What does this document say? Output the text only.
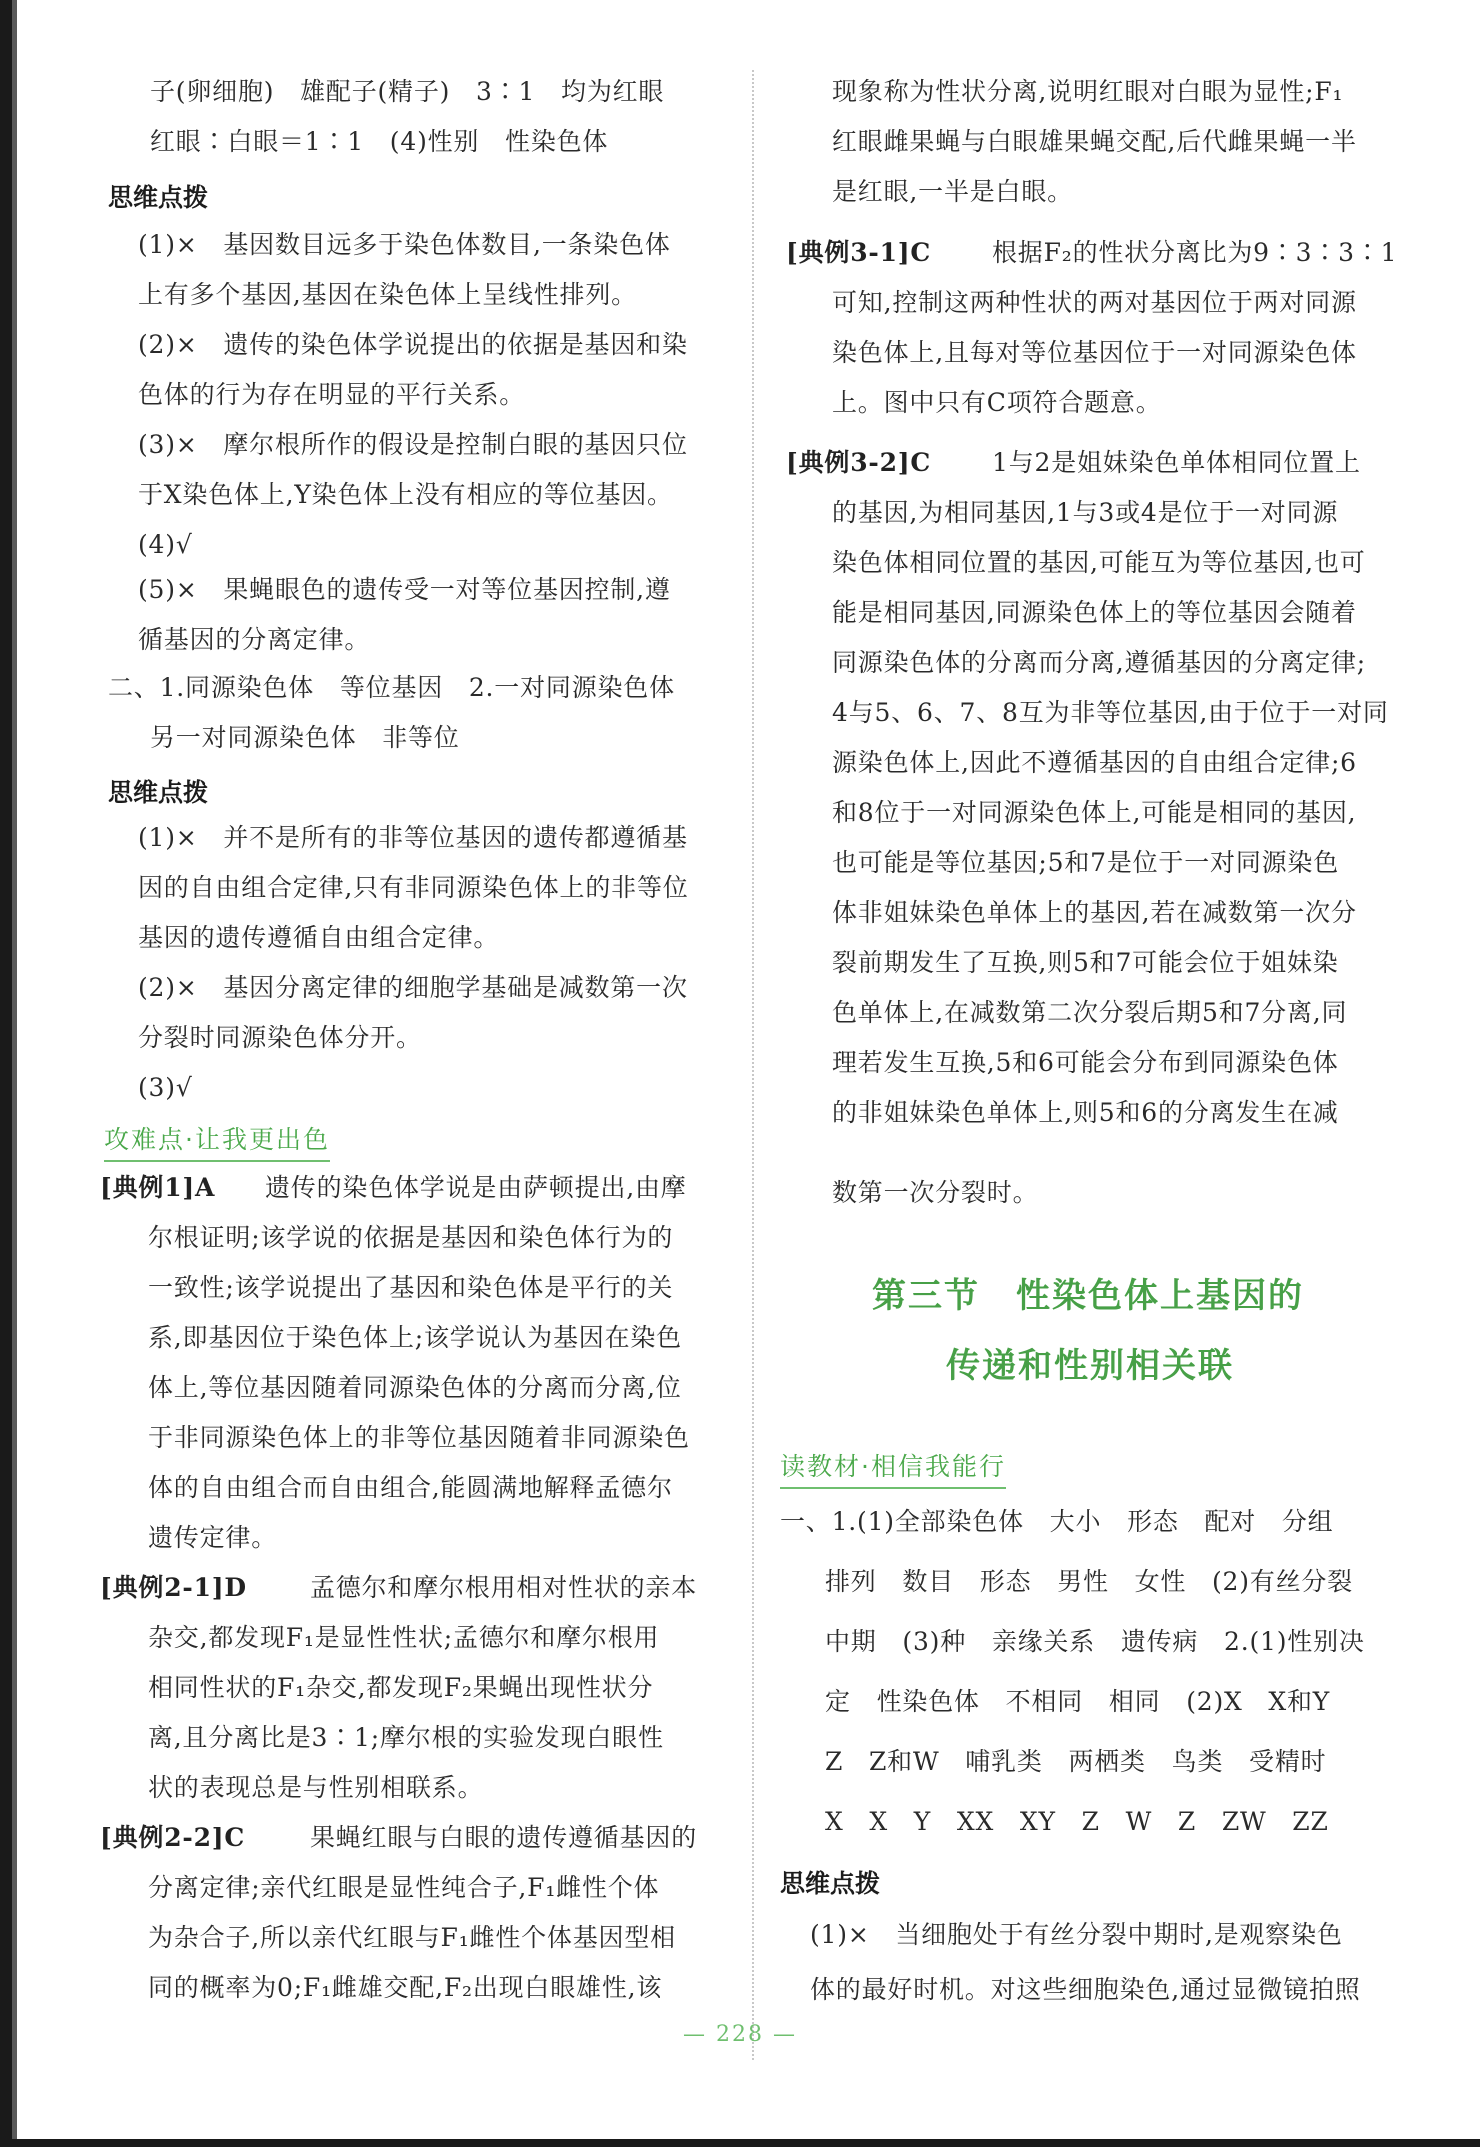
子(卵细胞)　雄配子(精子)　3∶1　均为红眼
红眼∶白眼＝1∶1　(4)性别　性染色体
思维点拨
(1)×　基因数目远多于染色体数目,一条染色体
上有多个基因,基因在染色体上呈线性排列。
(2)×　遗传的染色体学说提出的依据是基因和染
色体的行为存在明显的平行关系。
(3)×　摩尔根所作的假设是控制白眼的基因只位
于X染色体上,Y染色体上没有相应的等位基因。
(4)√
(5)×　果蝇眼色的遗传受一对等位基因控制,遵
循基因的分离定律。
二、1.同源染色体　等位基因　2.一对同源染色体
另一对同源染色体　非等位
思维点拨
(1)×　并不是所有的非等位基因的遗传都遵循基
因的自由组合定律,只有非同源染色体上的非等位
基因的遗传遵循自由组合定律。
(2)×　基因分离定律的细胞学基础是减数第一次
分裂时同源染色体分开。
(3)√
攻难点·让我更出色
[典例1]A 遗传的染色体学说是由萨顿提出,由摩
尔根证明;该学说的依据是基因和染色体行为的
一致性;该学说提出了基因和染色体是平行的关
系,即基因位于染色体上;该学说认为基因在染色
体上,等位基因随着同源染色体的分离而分离,位
于非同源染色体上的非等位基因随着非同源染色
体的自由组合而自由组合,能圆满地解释孟德尔
遗传定律。
[典例2-1]D	孟德尔和摩尔根用相对性状的亲本
杂交,都发现F₁是显性性状;孟德尔和摩尔根用
相同性状的F₁杂交,都发现F₂果蝇出现性状分
离,且分离比是3∶1;摩尔根的实验发现白眼性
状的表现总是与性别相联系。
[典例2-2]C	果蝇红眼与白眼的遗传遵循基因的
分离定律;亲代红眼是显性纯合子,F₁雌性个体
为杂合子,所以亲代红眼与F₁雌性个体基因型相
同的概率为0;F₁雌雄交配,F₂出现白眼雄性,该
现象称为性状分离,说明红眼对白眼为显性;F₁
红眼雌果蝇与白眼雄果蝇交配,后代雌果蝇一半
是红眼,一半是白眼。
[典例3-1]C 根据F₂的性状分离比为9∶3∶3∶1
可知,控制这两种性状的两对基因位于两对同源
染色体上,且每对等位基因位于一对同源染色体
上。图中只有C项符合题意。
[典例3-2]C 1与2是姐妹染色单体相同位置上
的基因,为相同基因,1与3或4是位于一对同源
染色体相同位置的基因,可能互为等位基因,也可
能是相同基因,同源染色体上的等位基因会随着
同源染色体的分离而分离,遵循基因的分离定律;
4与5、6、7、8互为非等位基因,由于位于一对同
源染色体上,因此不遵循基因的自由组合定律;6
和8位于一对同源染色体上,可能是相同的基因,
也可能是等位基因;5和7是位于一对同源染色
体非姐妹染色单体上的基因,若在减数第一次分
裂前期发生了互换,则5和7可能会位于姐妹染
色单体上,在减数第二次分裂后期5和7分离,同
理若发生互换,5和6可能会分布到同源染色体
的非姐妹染色单体上,则5和6的分离发生在减
数第一次分裂时。
第三节　性染色体上基因的
传递和性别相关联
读教材·相信我能行
一、1.(1)全部染色体　大小　形态　配对　分组
排列　数目　形态　男性　女性　(2)有丝分裂
中期　(3)种　亲缘关系　遗传病　2.(1)性别决
定　性染色体　不相同　相同　(2)X　X和Y
Z　Z和W　哺乳类　两栖类　鸟类　受精时
X　X　Y　XX　XY　Z　W　Z　ZW　ZZ
思维点拨
(1)×　当细胞处于有丝分裂中期时,是观察染色
体的最好时机。对这些细胞染色,通过显微镜拍照
— 228 —
